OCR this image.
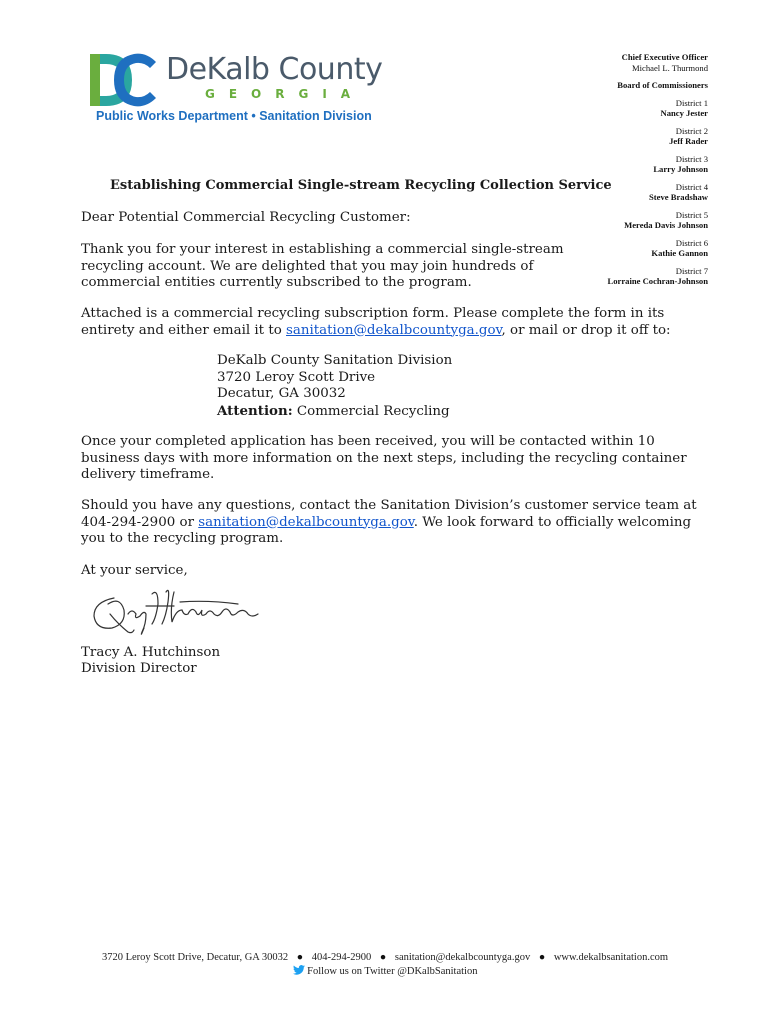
DeKalb County
GEORGIA
Public Works Department • Sanitation Division
Chief Executive Officer
Michael L. Thurmond
Board of Commissioners
District 1
Nancy Jester
District 2
Jeff Rader
District 3
Larry Johnson
District 4
Steve Bradshaw
District 5
Mereda Davis Johnson
District 6
Kathie Gannon
District 7
Lorraine Cochran-Johnson
Establishing Commercial Single-stream Recycling Collection Service
Dear Potential Commercial Recycling Customer:
Thank you for your interest in establishing a commercial single-stream recycling account. We are delighted that you may join hundreds of commercial entities currently subscribed to the program.
Attached is a commercial recycling subscription form. Please complete the form in its entirety and either email it to sanitation@dekalbcountyga.gov, or mail or drop it off to:
DeKalb County Sanitation Division
3720 Leroy Scott Drive
Decatur, GA 30032
Attention: Commercial Recycling
Once your completed application has been received, you will be contacted within 10 business days with more information on the next steps, including the recycling container delivery timeframe.
Should you have any questions, contact the Sanitation Division’s customer service team at 404-294-2900 or sanitation@dekalbcountyga.gov. We look forward to officially welcoming you to the recycling program.
At your service,
Tracy A. Hutchinson
Division Director
3720 Leroy Scott Drive, Decatur, GA 30032 ● 404-294-2900 ● sanitation@dekalbcountyga.gov ● www.dekalbsanitation.com
Follow us on Twitter @DKalbSanitation
